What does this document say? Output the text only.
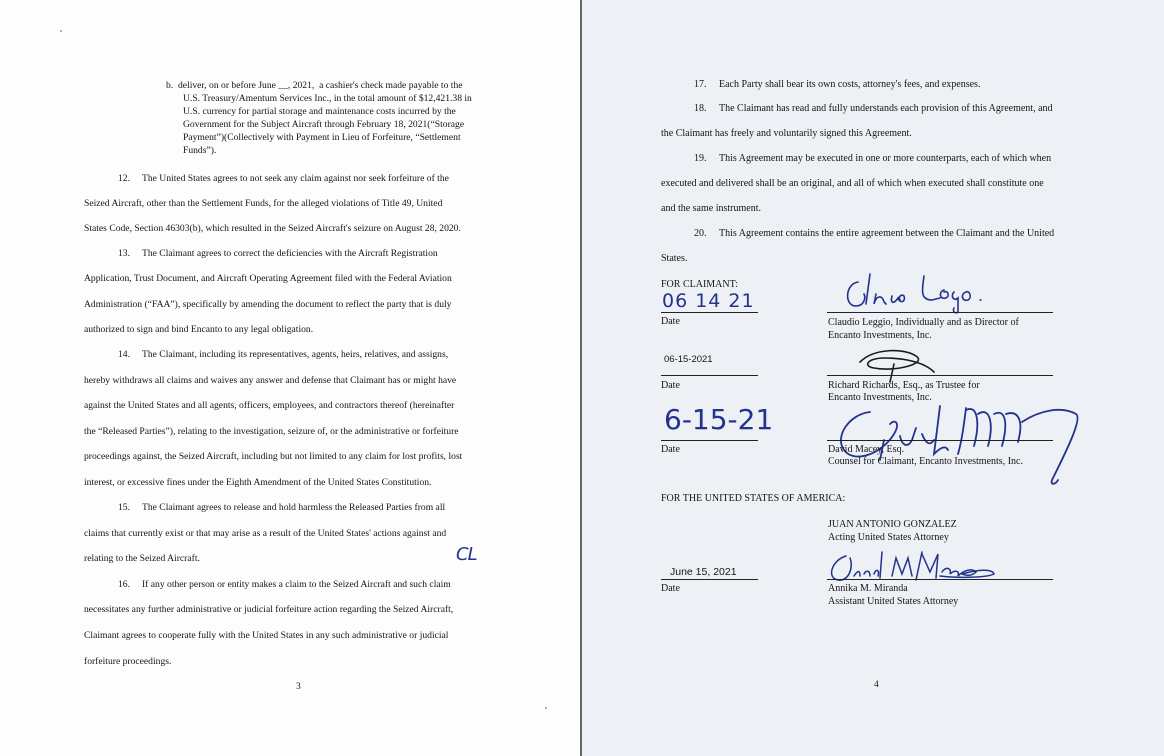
b.  deliver, on or before June __, 2021,  a cashier's check made payable to the

U.S. Treasury/Amentum Services Inc., in the total amount of $12,421.38 in

U.S. currency for partial storage and maintenance costs incurred by the

Government for the Subject Aircraft through February 18, 2021(“Storage

Payment”)(Collectively with Payment in Lieu of Forfeiture, “Settlement

Funds”).

12.     The United States agrees to not seek any claim against nor seek forfeiture of the

Seized Aircraft, other than the Settlement Funds, for the alleged violations of Title 49, United

States Code, Section 46303(b), which resulted in the Seized Aircraft's seizure on August 28, 2020.

13.     The Claimant agrees to correct the deficiencies with the Aircraft Registration

Application, Trust Document, and Aircraft Operating Agreement filed with the Federal Aviation

Administration (“FAA”), specifically by amending the document to reflect the party that is duly

authorized to sign and bind Encanto to any legal obligation.

14.     The Claimant, including its representatives, agents, heirs, relatives, and assigns,

hereby withdraws all claims and waives any answer and defense that Claimant has or might have

against the United States and all agents, officers, employees, and contractors thereof (hereinafter

the “Released Parties”), relating to the investigation, seizure of, or the administrative or forfeiture

proceedings against, the Seized Aircraft, including but not limited to any claim for lost profits, lost

interest, or excessive fines under the Eighth Amendment of the United States Constitution.

15.     The Claimant agrees to release and hold harmless the Released Parties from all

claims that currently exist or that may arise as a result of the United States' actions against and

relating to the Seized Aircraft.	CL

16.     If any other person or entity makes a claim to the Seized Aircraft and such claim

necessitates any further administrative or judicial forfeiture action regarding the Seized Aircraft,

Claimant agrees to cooperate fully with the United States in any such administrative or judicial

forfeiture proceedings.

3

17.     Each Party shall bear its own costs, attorney's fees, and expenses.

18.     The Claimant has read and fully understands each provision of this Agreement, and

the Claimant has freely and voluntarily signed this Agreement.

19.     This Agreement may be executed in one or more counterparts, each of which when

executed and delivered shall be an original, and all of which when executed shall constitute one

and the same instrument.

20.     This Agreement contains the entire agreement between the Claimant and the United

States.

FOR CLAIMANT:

06 14 21

Date	Claudio Leggio, Individually and as Director of

Encanto Investments, Inc.

06-15-2021

Date	Richard Richards, Esq., as Trustee for

Encanto Investments, Inc.

6-15-21

Date	David Macey, Esq.

Counsel for Claimant, Encanto Investments, Inc.

FOR THE UNITED STATES OF AMERICA:

JUAN ANTONIO GONZALEZ

Acting United States Attorney

June 15, 2021

Date	Annika M. Miranda

Assistant United States Attorney

4
